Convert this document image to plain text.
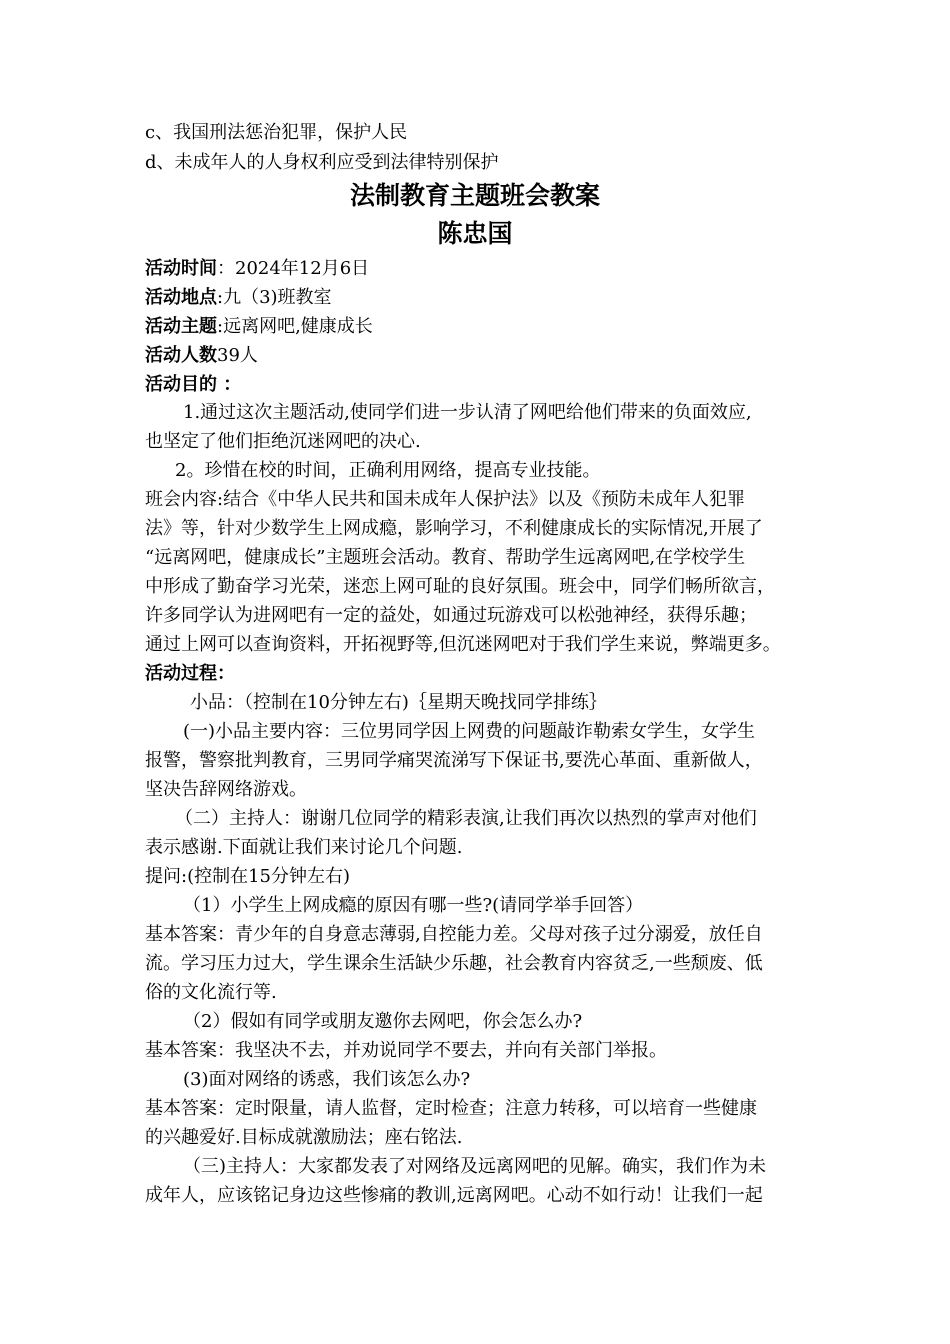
c、我国刑法惩治犯罪，保护人民
d、未成年人的人身权利应受到法律特别保护
法制教育主题班会教案
陈忠国
活动时间：2024年12月6日
活动地点:九（3)班教室
活动主题:远离网吧,健康成长
活动人数39人
活动目的 ：
1.通过这次主题活动,使同学们进一步认清了网吧给他们带来的负面效应,
也坚定了他们拒绝沉迷网吧的决心.
2。珍惜在校的时间，正确利用网络，提高专业技能。
班会内容:结合《中华人民共和国未成年人保护法》以及《预防未成年人犯罪
法》等，针对少数学生上网成瘾，影响学习，不利健康成长的实际情况,开展了
“远离网吧，健康成长”主题班会活动。教育、帮助学生远离网吧,在学校学生
中形成了勤奋学习光荣，迷恋上网可耻的良好氛围。班会中，同学们畅所欲言，
许多同学认为进网吧有一定的益处，如通过玩游戏可以松弛神经，获得乐趣；
通过上网可以查询资料，开拓视野等,但沉迷网吧对于我们学生来说，弊端更多。
活动过程：
小品：（控制在10分钟左右)｛星期天晚找同学排练｝
(一)小品主要内容：三位男同学因上网费的问题敲诈勒索女学生，女学生
报警，警察批判教育，三男同学痛哭流涕写下保证书,要洗心革面、重新做人，
坚决告辞网络游戏。
（二）主持人：谢谢几位同学的精彩表演,让我们再次以热烈的掌声对他们
表示感谢.下面就让我们来讨论几个问题.
提问:(控制在15分钟左右)
（1）小学生上网成瘾的原因有哪一些?(请同学举手回答）
基本答案：青少年的自身意志薄弱,自控能力差。父母对孩子过分溺爱，放任自
流。学习压力过大，学生课余生活缺少乐趣，社会教育内容贫乏,一些颓废、低
俗的文化流行等.
（2）假如有同学或朋友邀你去网吧，你会怎么办?
基本答案：我坚决不去，并劝说同学不要去，并向有关部门举报。
(3)面对网络的诱惑，我们该怎么办?
基本答案：定时限量，请人监督，定时检查；注意力转移，可以培育一些健康
的兴趣爱好.目标成就激励法；座右铭法.
（三)主持人：大家都发表了对网络及远离网吧的见解。确实，我们作为未
成年人，应该铭记身边这些惨痛的教训,远离网吧。心动不如行动！让我们一起
